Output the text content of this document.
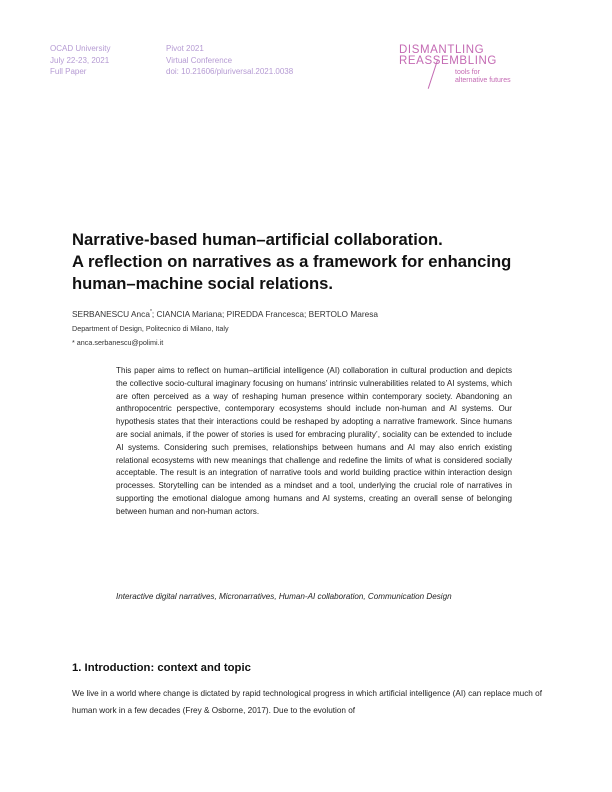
OCAD University
July 22-23, 2021
Full Paper
Pivot 2021
Virtual Conference
doi: 10.21606/pluriversal.2021.0038
DISMANTLING
REASSEMBLING
tools for
alternative futures
Narrative-based human–artificial collaboration.
A reflection on narratives as a framework for enhancing
human–machine social relations.
SERBANESCU Anca*; CIANCIA Mariana; PIREDDA Francesca; BERTOLO Maresa
Department of Design, Politecnico di Milano, Italy
* anca.serbanescu@polimi.it
This paper aims to reflect on human–artificial intelligence (AI) collaboration in cultural production and depicts the collective socio-cultural imaginary focusing on humans’ intrinsic vulnerabilities related to AI systems, which are often perceived as a way of reshaping human presence within contemporary society. Abandoning an anthropocentric perspective, contemporary ecosystems should include non-human and AI systems. Our hypothesis states that their interactions could be reshaped by adopting a narrative framework. Since humans are social animals, if the power of stories is used for embracing plurality’, sociality can be extended to include AI systems. Considering such premises, relationships between humans and AI may also enrich existing relational ecosystems with new meanings that challenge and redefine the limits of what is considered socially acceptable. The result is an integration of narrative tools and world building practice within interaction design processes. Storytelling can be intended as a mindset and a tool, underlying the crucial role of narratives in supporting the emotional dialogue among humans and AI systems, creating an overall sense of belonging between human and non-human actors.
Interactive digital narratives, Micronarratives, Human-AI collaboration, Communication Design
1. Introduction: context and topic
We live in a world where change is dictated by rapid technological progress in which artificial intelligence (AI) can replace much of human work in a few decades (Frey & Osborne, 2017). Due to the evolution of
